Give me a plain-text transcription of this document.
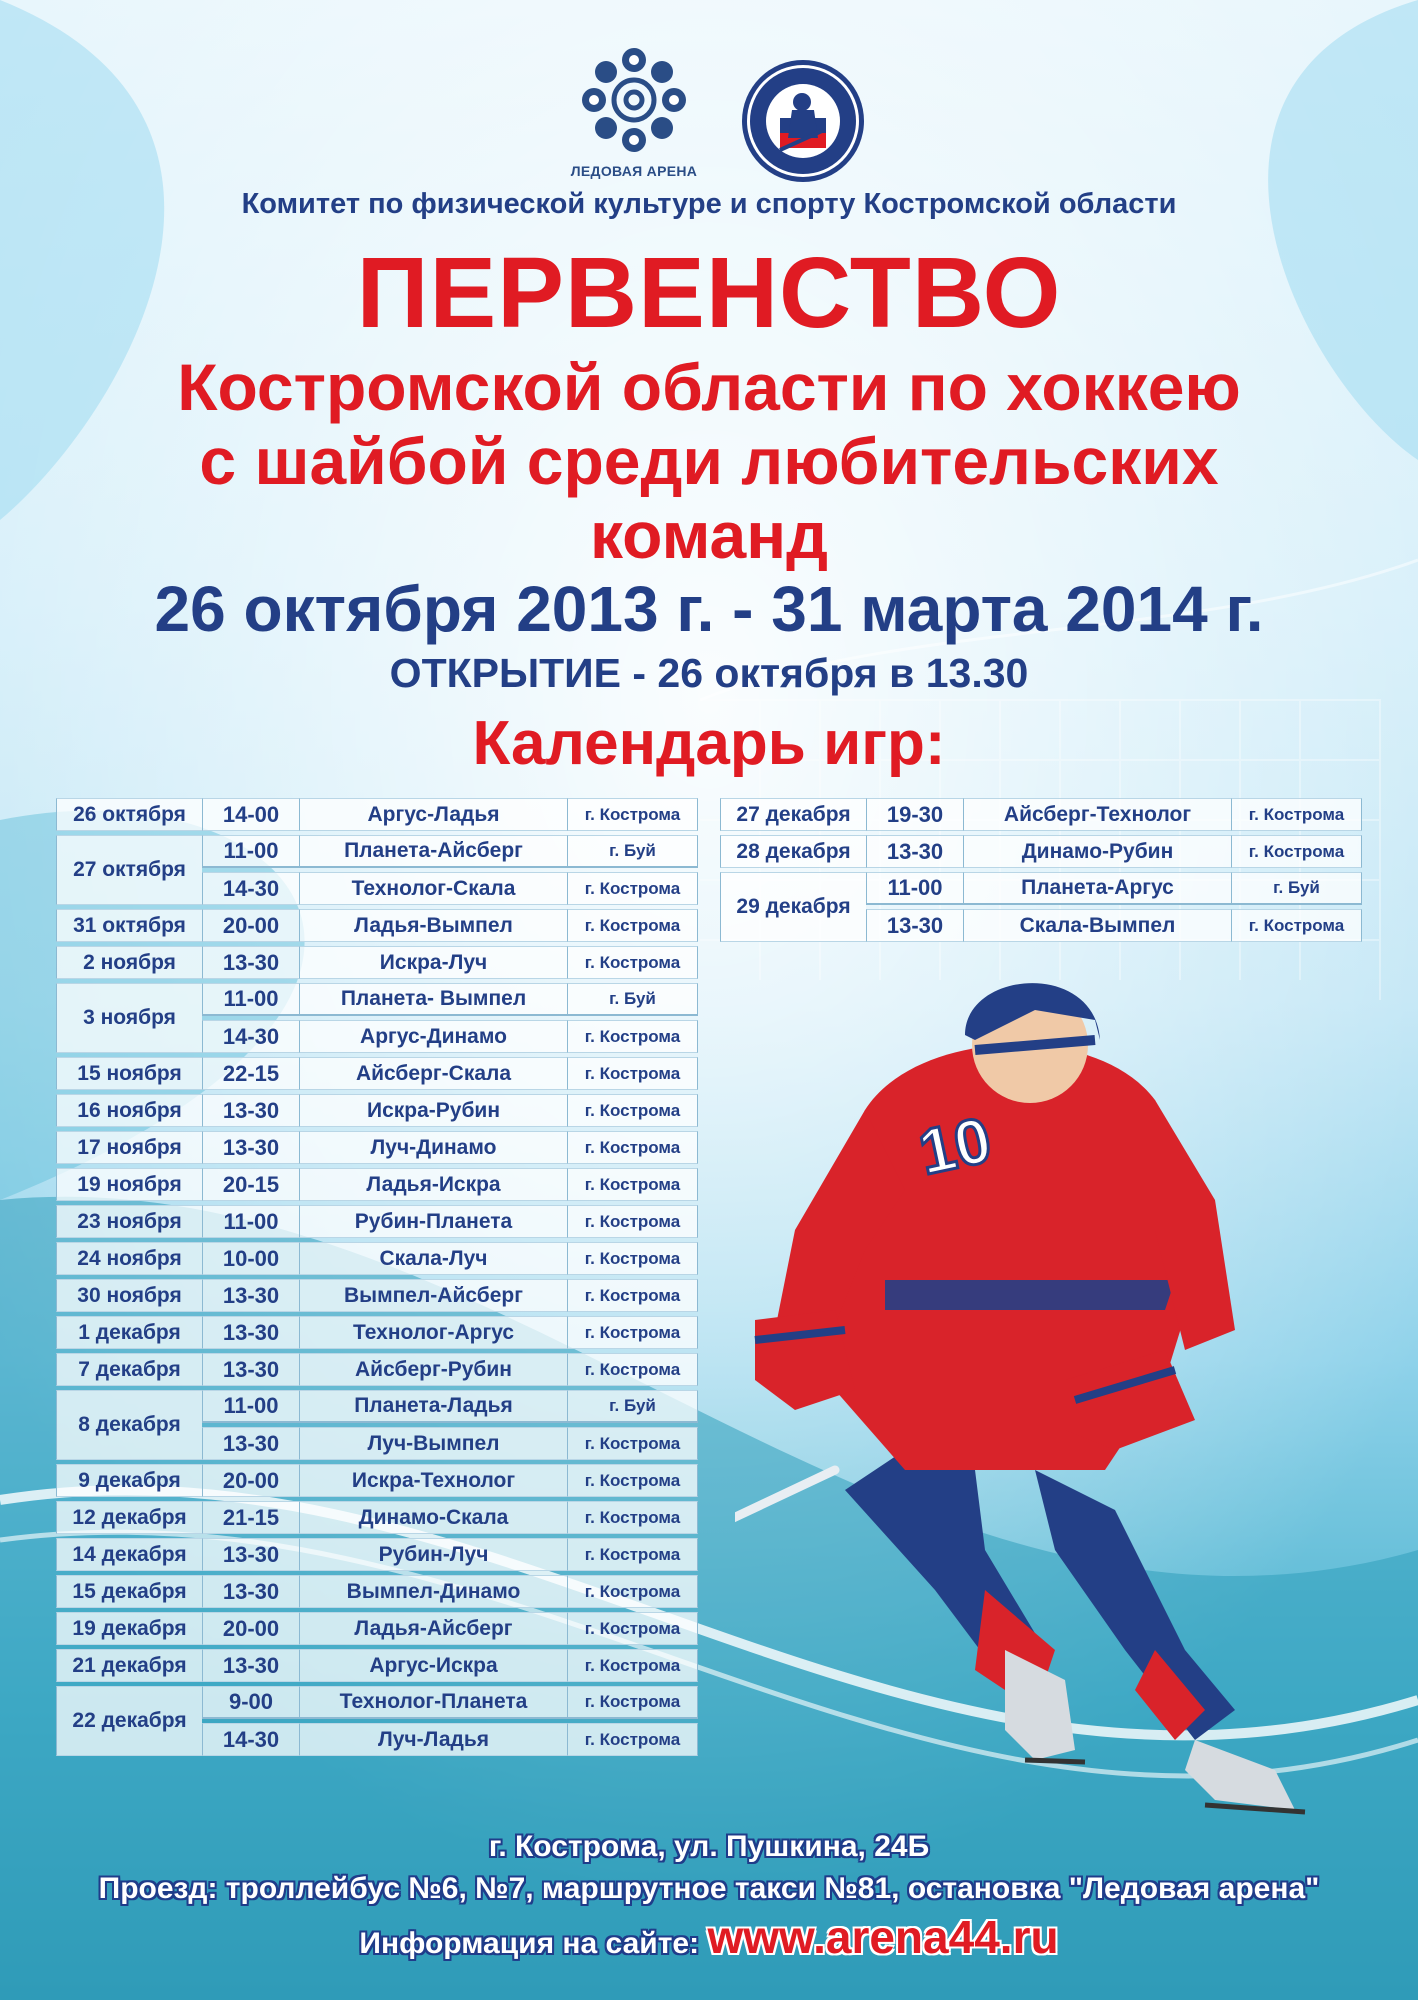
ЛЕДОВАЯ АРЕНА
Комитет по физической культуре и спорту Костромской области
ПЕРВЕНСТВО
Костромской области по хоккею
с шайбой среди любительских
команд
26 октября 2013 г. - 31 марта 2014 г.
ОТКРЫТИЕ - 26 октября в 13.30
Календарь игр:
10
26 октября	14-00	Аргус-Ладья	г. Кострома
27 октября	11-00	Планета-Айсберг	г. Буй
	14-30	Технолог-Скала	г. Кострома
31 октября	20-00	Ладья-Вымпел	г. Кострома
2 ноября	13-30	Искра-Луч	г. Кострома
3 ноября	11-00	Планета- Вымпел	г. Буй
	14-30	Аргус-Динамо	г. Кострома
15 ноября	22-15	Айсберг-Скала	г. Кострома
16 ноября	13-30	Искра-Рубин	г. Кострома
17 ноября	13-30	Луч-Динамо	г. Кострома
19 ноября	20-15	Ладья-Искра	г. Кострома
23 ноября	11-00	Рубин-Планета	г. Кострома
24 ноября	10-00	Скала-Луч	г. Кострома
30 ноября	13-30	Вымпел-Айсберг	г. Кострома
1 декабря	13-30	Технолог-Аргус	г. Кострома
7 декабря	13-30	Айсберг-Рубин	г. Кострома
8 декабря	11-00	Планета-Ладья	г. Буй
	13-30	Луч-Вымпел	г. Кострома
9 декабря	20-00	Искра-Технолог	г. Кострома
12 декабря	21-15	Динамо-Скала	г. Кострома
14 декабря	13-30	Рубин-Луч	г. Кострома
15 декабря	13-30	Вымпел-Динамо	г. Кострома
19 декабря	20-00	Ладья-Айсберг	г. Кострома
21 декабря	13-30	Аргус-Искра	г. Кострома
22 декабря	9-00	Технолог-Планета	г. Кострома
	14-30	Луч-Ладья	г. Кострома
27 декабря	19-30	Айсберг-Технолог	г. Кострома
28 декабря	13-30	Динамо-Рубин	г. Кострома
29 декабря	11-00	Планета-Аргус	г. Буй
	13-30	Скала-Вымпел	г. Кострома
г. Кострома, ул. Пушкина, 24Б
Проезд: троллейбус №6, №7, маршрутное такси №81, остановка "Ледовая арена"
Информация на сайте: www.arena44.ru
